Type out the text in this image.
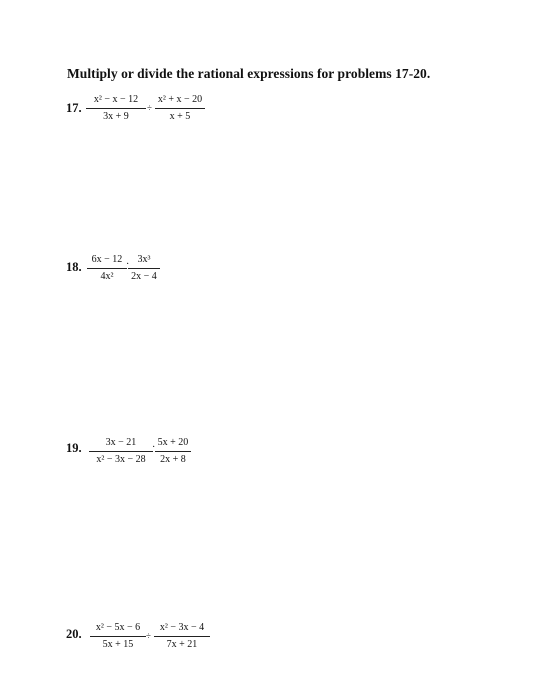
Multiply or divide the rational expressions for problems 17-20.
17.
x² − x − 12
3x + 9
÷
x² + x − 20
x + 5
18.
6x − 12
4x²
· 3x³
2x − 4
19.	3x − 21
x² − 3x − 28
· 5x + 20
2x + 8
20.	x² − 5x − 6
5x + 15
÷
x² − 3x − 4
7x + 21
